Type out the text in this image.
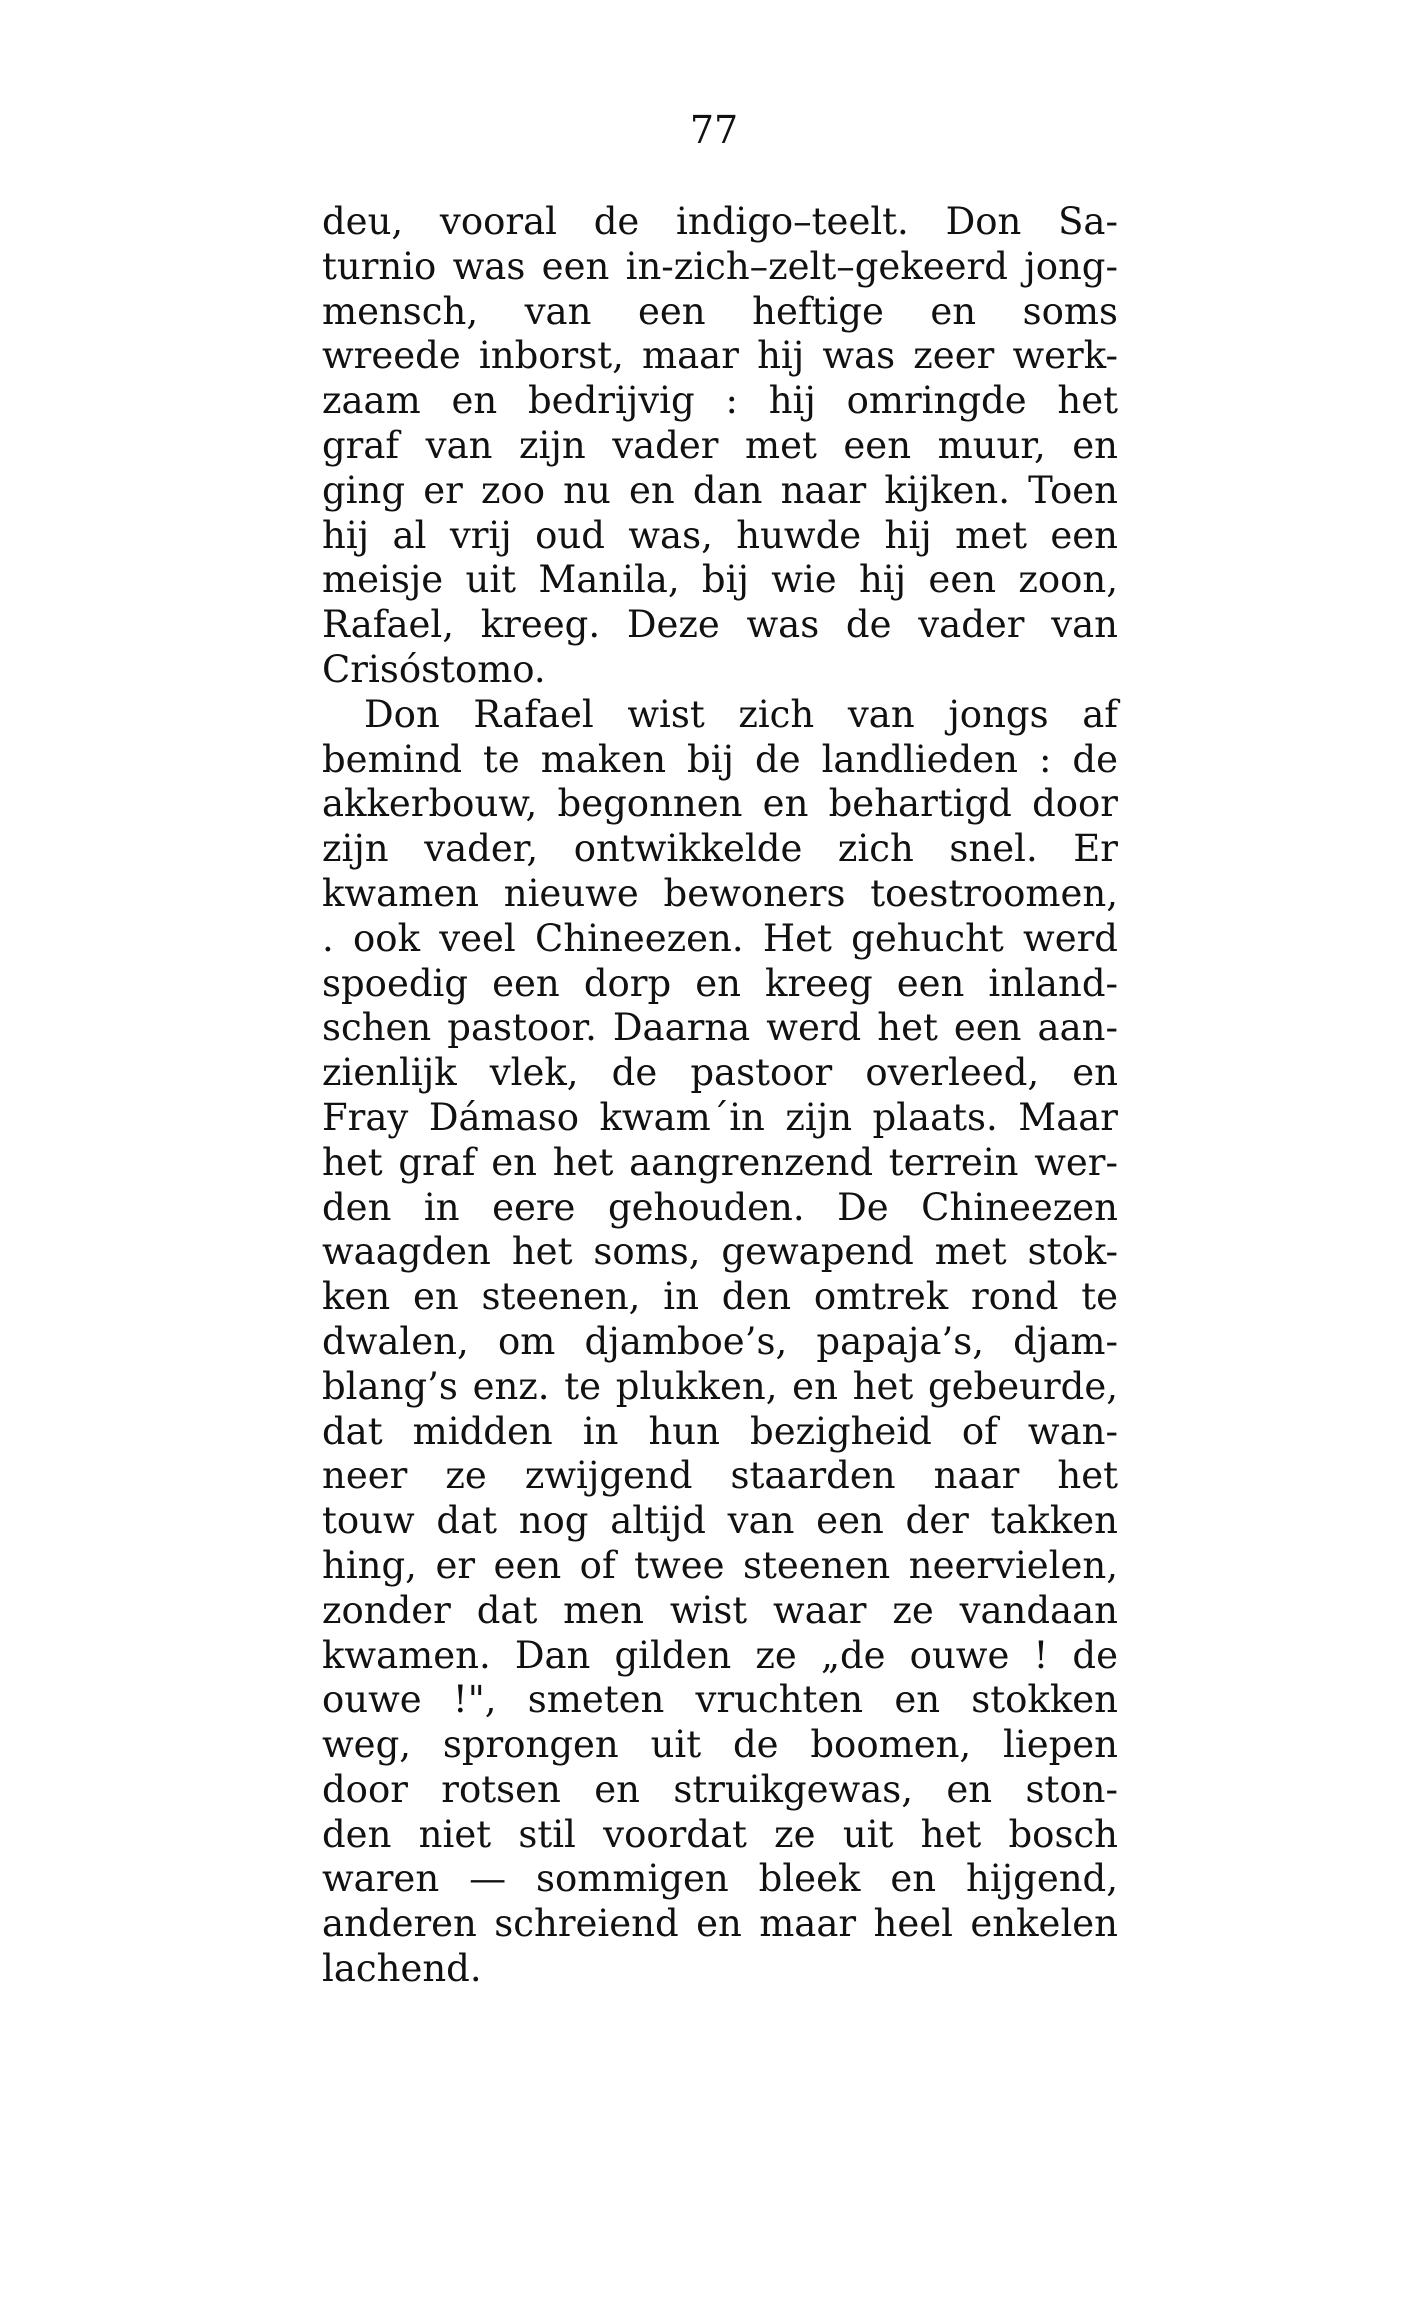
77
deu, vooral de indigo–teelt. Don Sa-
turnio was een in-zich–zelt–gekeerd jong-
mensch, van een heftige en soms
wreede inborst, maar hij was zeer werk-
zaam en bedrijvig : hij omringde het
graf van zijn vader met een muur, en
ging er zoo nu en dan naar kijken. Toen
hij al vrij oud was, huwde hij met een
meisje uit Manila, bij wie hij een zoon,
Rafael, kreeg. Deze was de vader van
Crisóstomo.
Don Rafael wist zich van jongs af
bemind te maken bij de landlieden : de
akkerbouw, begonnen en behartigd door
zijn vader, ontwikkelde zich snel. Er
kwamen nieuwe bewoners toestroomen,
. ook veel Chineezen. Het gehucht werd
spoedig een dorp en kreeg een inland-
schen pastoor. Daarna werd het een aan-
zienlijk vlek, de pastoor overleed, en
Fray Dámaso kwam´in zijn plaats. Maar
het graf en het aangrenzend terrein wer-
den in eere gehouden. De Chineezen
waagden het soms, gewapend met stok-
ken en steenen, in den omtrek rond te
dwalen, om djamboe’s, papaja’s, djam-
blang’s enz. te plukken, en het gebeurde,
dat midden in hun bezigheid of wan-
neer ze zwijgend staarden naar het
touw dat nog altijd van een der takken
hing, er een of twee steenen neervielen,
zonder dat men wist waar ze vandaan
kwamen. Dan gilden ze „de ouwe ! de
ouwe !", smeten vruchten en stokken
weg, sprongen uit de boomen, liepen
door rotsen en struikgewas, en ston-
den niet stil voordat ze uit het bosch
waren — sommigen bleek en hijgend,
anderen schreiend en maar heel enkelen
lachend.
